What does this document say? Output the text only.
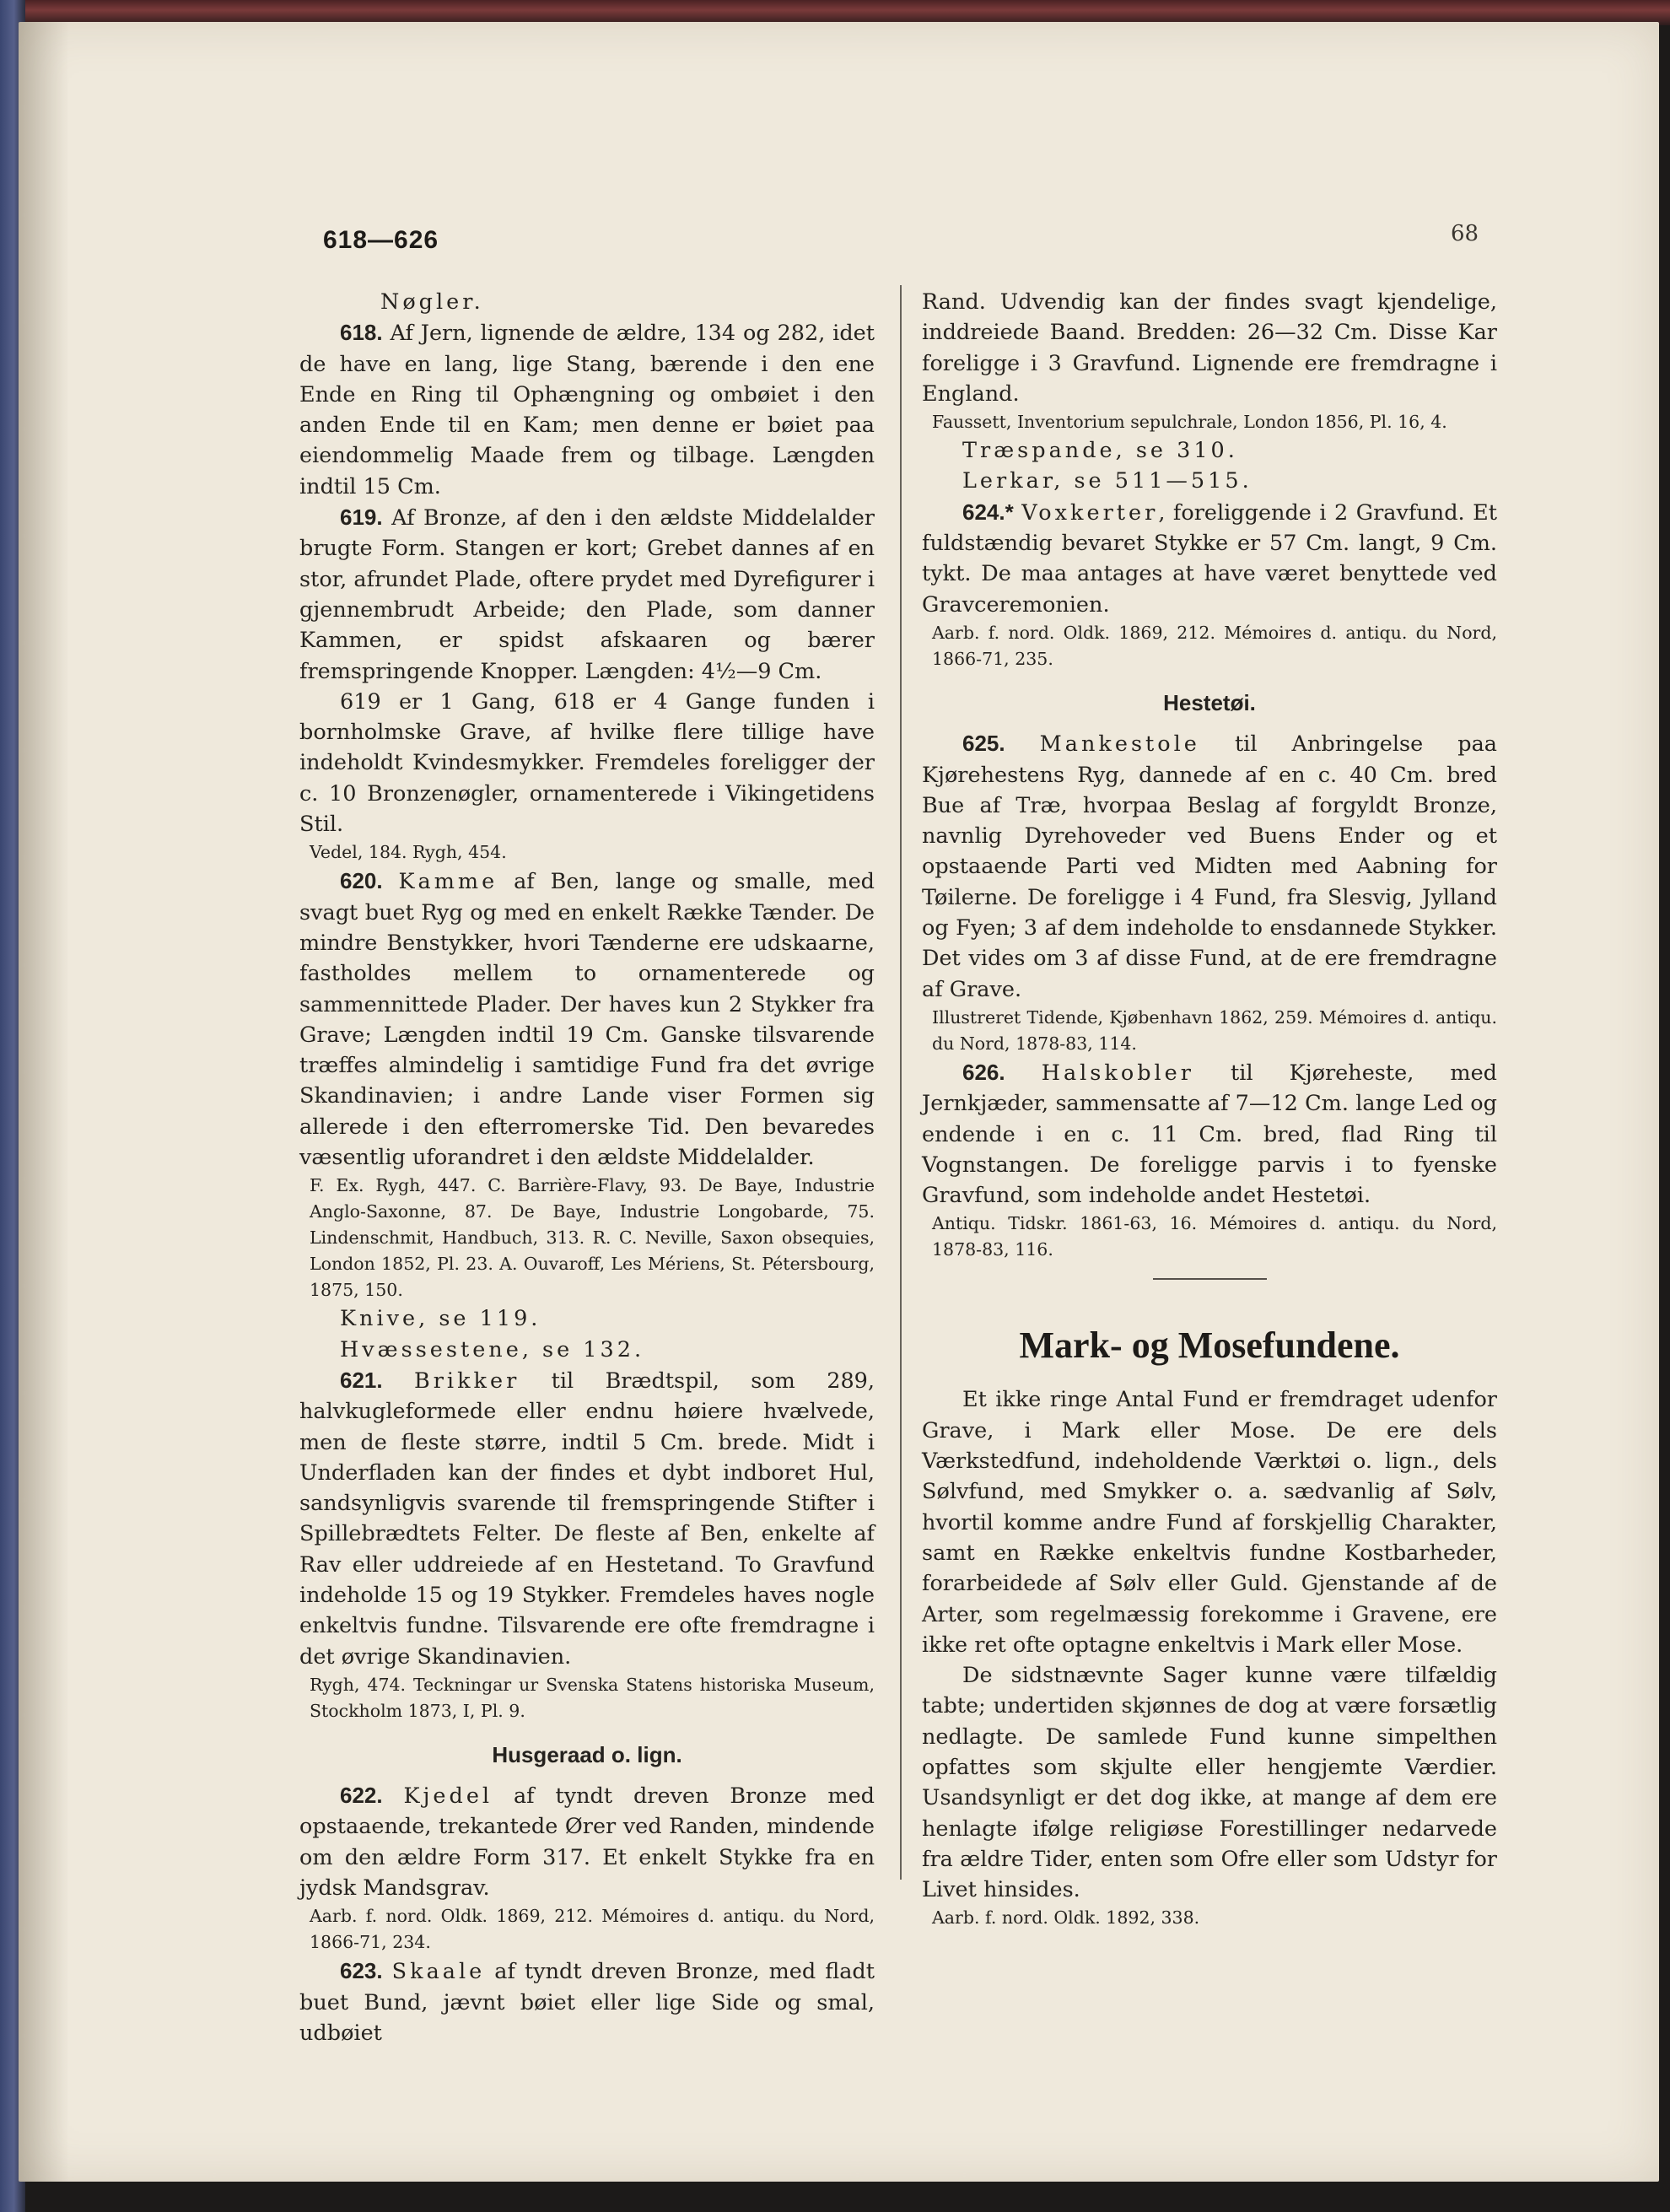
618—626	68

Nøgler.

618. Af Jern, lignende de ældre, 134 og 282, idet de have en lang, lige Stang, bærende i den ene Ende en Ring til Ophængning og ombøiet i den anden Ende til en Kam; men denne er bøiet paa eiendommelig Maade frem og tilbage. Længden indtil 15 Cm.

619. Af Bronze, af den i den ældste Middelalder brugte Form. Stangen er kort; Grebet dannes af en stor, afrundet Plade, oftere prydet med Dyrefigurer i gjennembrudt Arbeide; den Plade, som danner Kammen, er spidst afskaaren og bærer fremspringende Knopper. Længden: 4½—9 Cm.

619 er 1 Gang, 618 er 4 Gange funden i bornholmske Grave, af hvilke flere tillige have indeholdt Kvindesmykker. Fremdeles foreligger der c. 10 Bronzenøgler, ornamenterede i Vikingetidens Stil.

Vedel, 184. Rygh, 454.

620. Kamme af Ben, lange og smalle, med svagt buet Ryg og med en enkelt Række Tænder. De mindre Benstykker, hvori Tænderne ere udskaarne, fastholdes mellem to ornamenterede og sammennittede Plader. Der haves kun 2 Stykker fra Grave; Længden indtil 19 Cm. Ganske tilsvarende træffes almindelig i samtidige Fund fra det øvrige Skandinavien; i andre Lande viser Formen sig allerede i den efterromerske Tid. Den bevaredes væsentlig uforandret i den ældste Middelalder.

F. Ex. Rygh, 447. C. Barrière-Flavy, 93. De Baye, Industrie Anglo-Saxonne, 87. De Baye, Industrie Longobarde, 75. Lindenschmit, Handbuch, 313. R. C. Neville, Saxon obsequies, London 1852, Pl. 23. A. Ouvaroff, Les Mériens, St. Pétersbourg, 1875, 150.

Knive, se 119.

Hvæssestene, se 132.

621. Brikker til Brædtspil, som 289, halvkugleformede eller endnu høiere hvælvede, men de fleste større, indtil 5 Cm. brede. Midt i Underfladen kan der findes et dybt indboret Hul, sandsynligvis svarende til fremspringende Stifter i Spillebrædtets Felter. De fleste af Ben, enkelte af Rav eller uddreiede af en Hestetand. To Gravfund indeholde 15 og 19 Stykker. Fremdeles haves nogle enkeltvis fundne. Tilsvarende ere ofte fremdragne i det øvrige Skandinavien.

Rygh, 474. Teckningar ur Svenska Statens historiska Museum, Stockholm 1873, I, Pl. 9.

Husgeraad o. lign.

622. Kjedel af tyndt dreven Bronze med opstaaende, trekantede Ører ved Randen, mindende om den ældre Form 317. Et enkelt Stykke fra en jydsk Mandsgrav.

Aarb. f. nord. Oldk. 1869, 212. Mémoires d. antiqu. du Nord, 1866-71, 234.

623. Skaale af tyndt dreven Bronze, med fladt buet Bund, jævnt bøiet eller lige Side og smal, udbøiet

Rand. Udvendig kan der findes svagt kjendelige, inddreiede Baand. Bredden: 26—32 Cm. Disse Kar foreligge i 3 Gravfund. Lignende ere fremdragne i England.

Faussett, Inventorium sepulchrale, London 1856, Pl. 16, 4.

Træspande, se 310.

Lerkar, se 511—515.

624.* Voxkerter, foreliggende i 2 Gravfund. Et fuldstændig bevaret Stykke er 57 Cm. langt, 9 Cm. tykt. De maa antages at have været benyttede ved Gravceremonien.

Aarb. f. nord. Oldk. 1869, 212. Mémoires d. antiqu. du Nord, 1866-71, 235.

Hestetøi.

625. Mankestole til Anbringelse paa Kjørehestens Ryg, dannede af en c. 40 Cm. bred Bue af Træ, hvorpaa Beslag af forgyldt Bronze, navnlig Dyrehoveder ved Buens Ender og et opstaaende Parti ved Midten med Aabning for Tøilerne. De foreligge i 4 Fund, fra Slesvig, Jylland og Fyen; 3 af dem indeholde to ensdannede Stykker. Det vides om 3 af disse Fund, at de ere fremdragne af Grave.

Illustreret Tidende, Kjøbenhavn 1862, 259. Mémoires d. antiqu. du Nord, 1878-83, 114.

626. Halskobler til Kjøreheste, med Jernkjæder, sammensatte af 7—12 Cm. lange Led og endende i en c. 11 Cm. bred, flad Ring til Vognstangen. De foreligge parvis i to fyenske Gravfund, som indeholde andet Hestetøi.

Antiqu. Tidskr. 1861-63, 16. Mémoires d. antiqu. du Nord, 1878-83, 116.

Mark- og Mosefundene.

Et ikke ringe Antal Fund er fremdraget udenfor Grave, i Mark eller Mose. De ere dels Værkstedfund, indeholdende Værktøi o. lign., dels Sølvfund, med Smykker o. a. sædvanlig af Sølv, hvortil komme andre Fund af forskjellig Charakter, samt en Række enkeltvis fundne Kostbarheder, forarbeidede af Sølv eller Guld. Gjenstande af de Arter, som regelmæssig forekomme i Gravene, ere ikke ret ofte optagne enkeltvis i Mark eller Mose.

De sidstnævnte Sager kunne være tilfældig tabte; undertiden skjønnes de dog at være forsætlig nedlagte. De samlede Fund kunne simpelthen opfattes som skjulte eller hengjemte Værdier. Usandsynligt er det dog ikke, at mange af dem ere henlagte ifølge religiøse Forestillinger nedarvede fra ældre Tider, enten som Ofre eller som Udstyr for Livet hinsides.

Aarb. f. nord. Oldk. 1892, 338.
